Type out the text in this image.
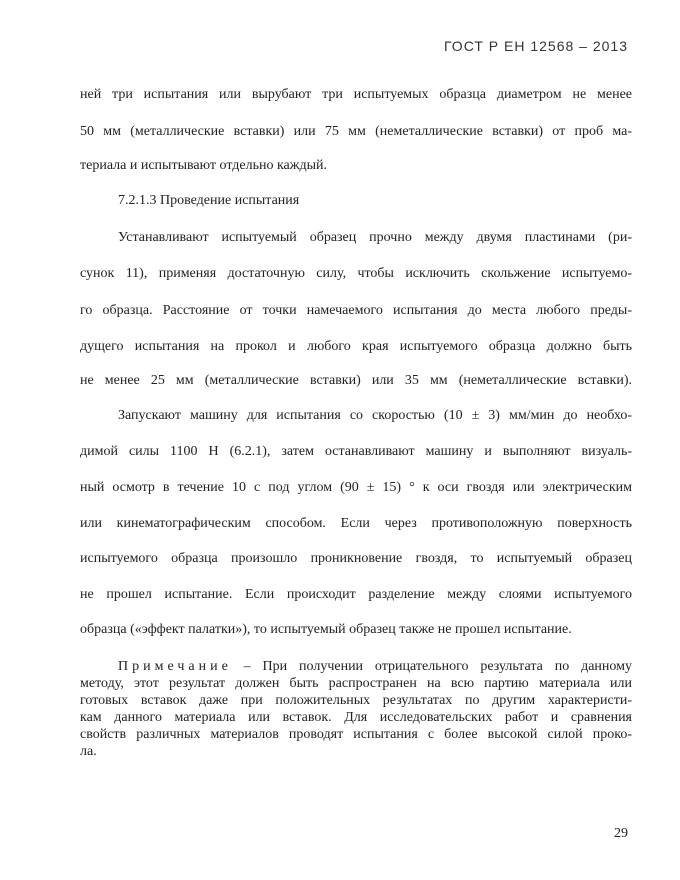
ГОСТ Р ЕН 12568 – 2013
ней три испытания или вырубают три испытуемых образца диаметром не менее
50 мм (металлические вставки) или 75 мм (неметаллические вставки) от проб ма-
териала и испытывают отдельно каждый.
7.2.1.3 Проведение испытания
Устанавливают испытуемый образец прочно между двумя пластинами (ри-
сунок 11), применяя достаточную силу, чтобы исключить скольжение испытуемо-
го образца. Расстояние от точки намечаемого испытания до места любого преды-
дущего испытания на прокол и любого края испытуемого образца должно быть
не менее 25 мм (металлические вставки) или 35 мм (неметаллические вставки).
Запускают машину для испытания со скоростью (10 ± 3) мм/мин до необхо-
димой силы 1100 Н (6.2.1), затем останавливают машину и выполняют визуаль-
ный осмотр в течение 10 с под углом (90 ± 15) ° к оси гвоздя или электрическим
или кинематографическим способом. Если через противоположную поверхность
испытуемого образца произошло проникновение гвоздя, то испытуемый образец
не прошел испытание. Если происходит разделение между слоями испытуемого
образца («эффект палатки»), то испытуемый образец также не прошел испытание.
Примечание – При получении отрицательного результата по данному
методу, этот результат должен быть распространен на всю партию материала или
готовых вставок даже при положительных результатах по другим характеристи-
кам данного материала или вставок. Для исследовательских работ и сравнения
свойств различных материалов проводят испытания с более высокой силой проко-
ла.
29
